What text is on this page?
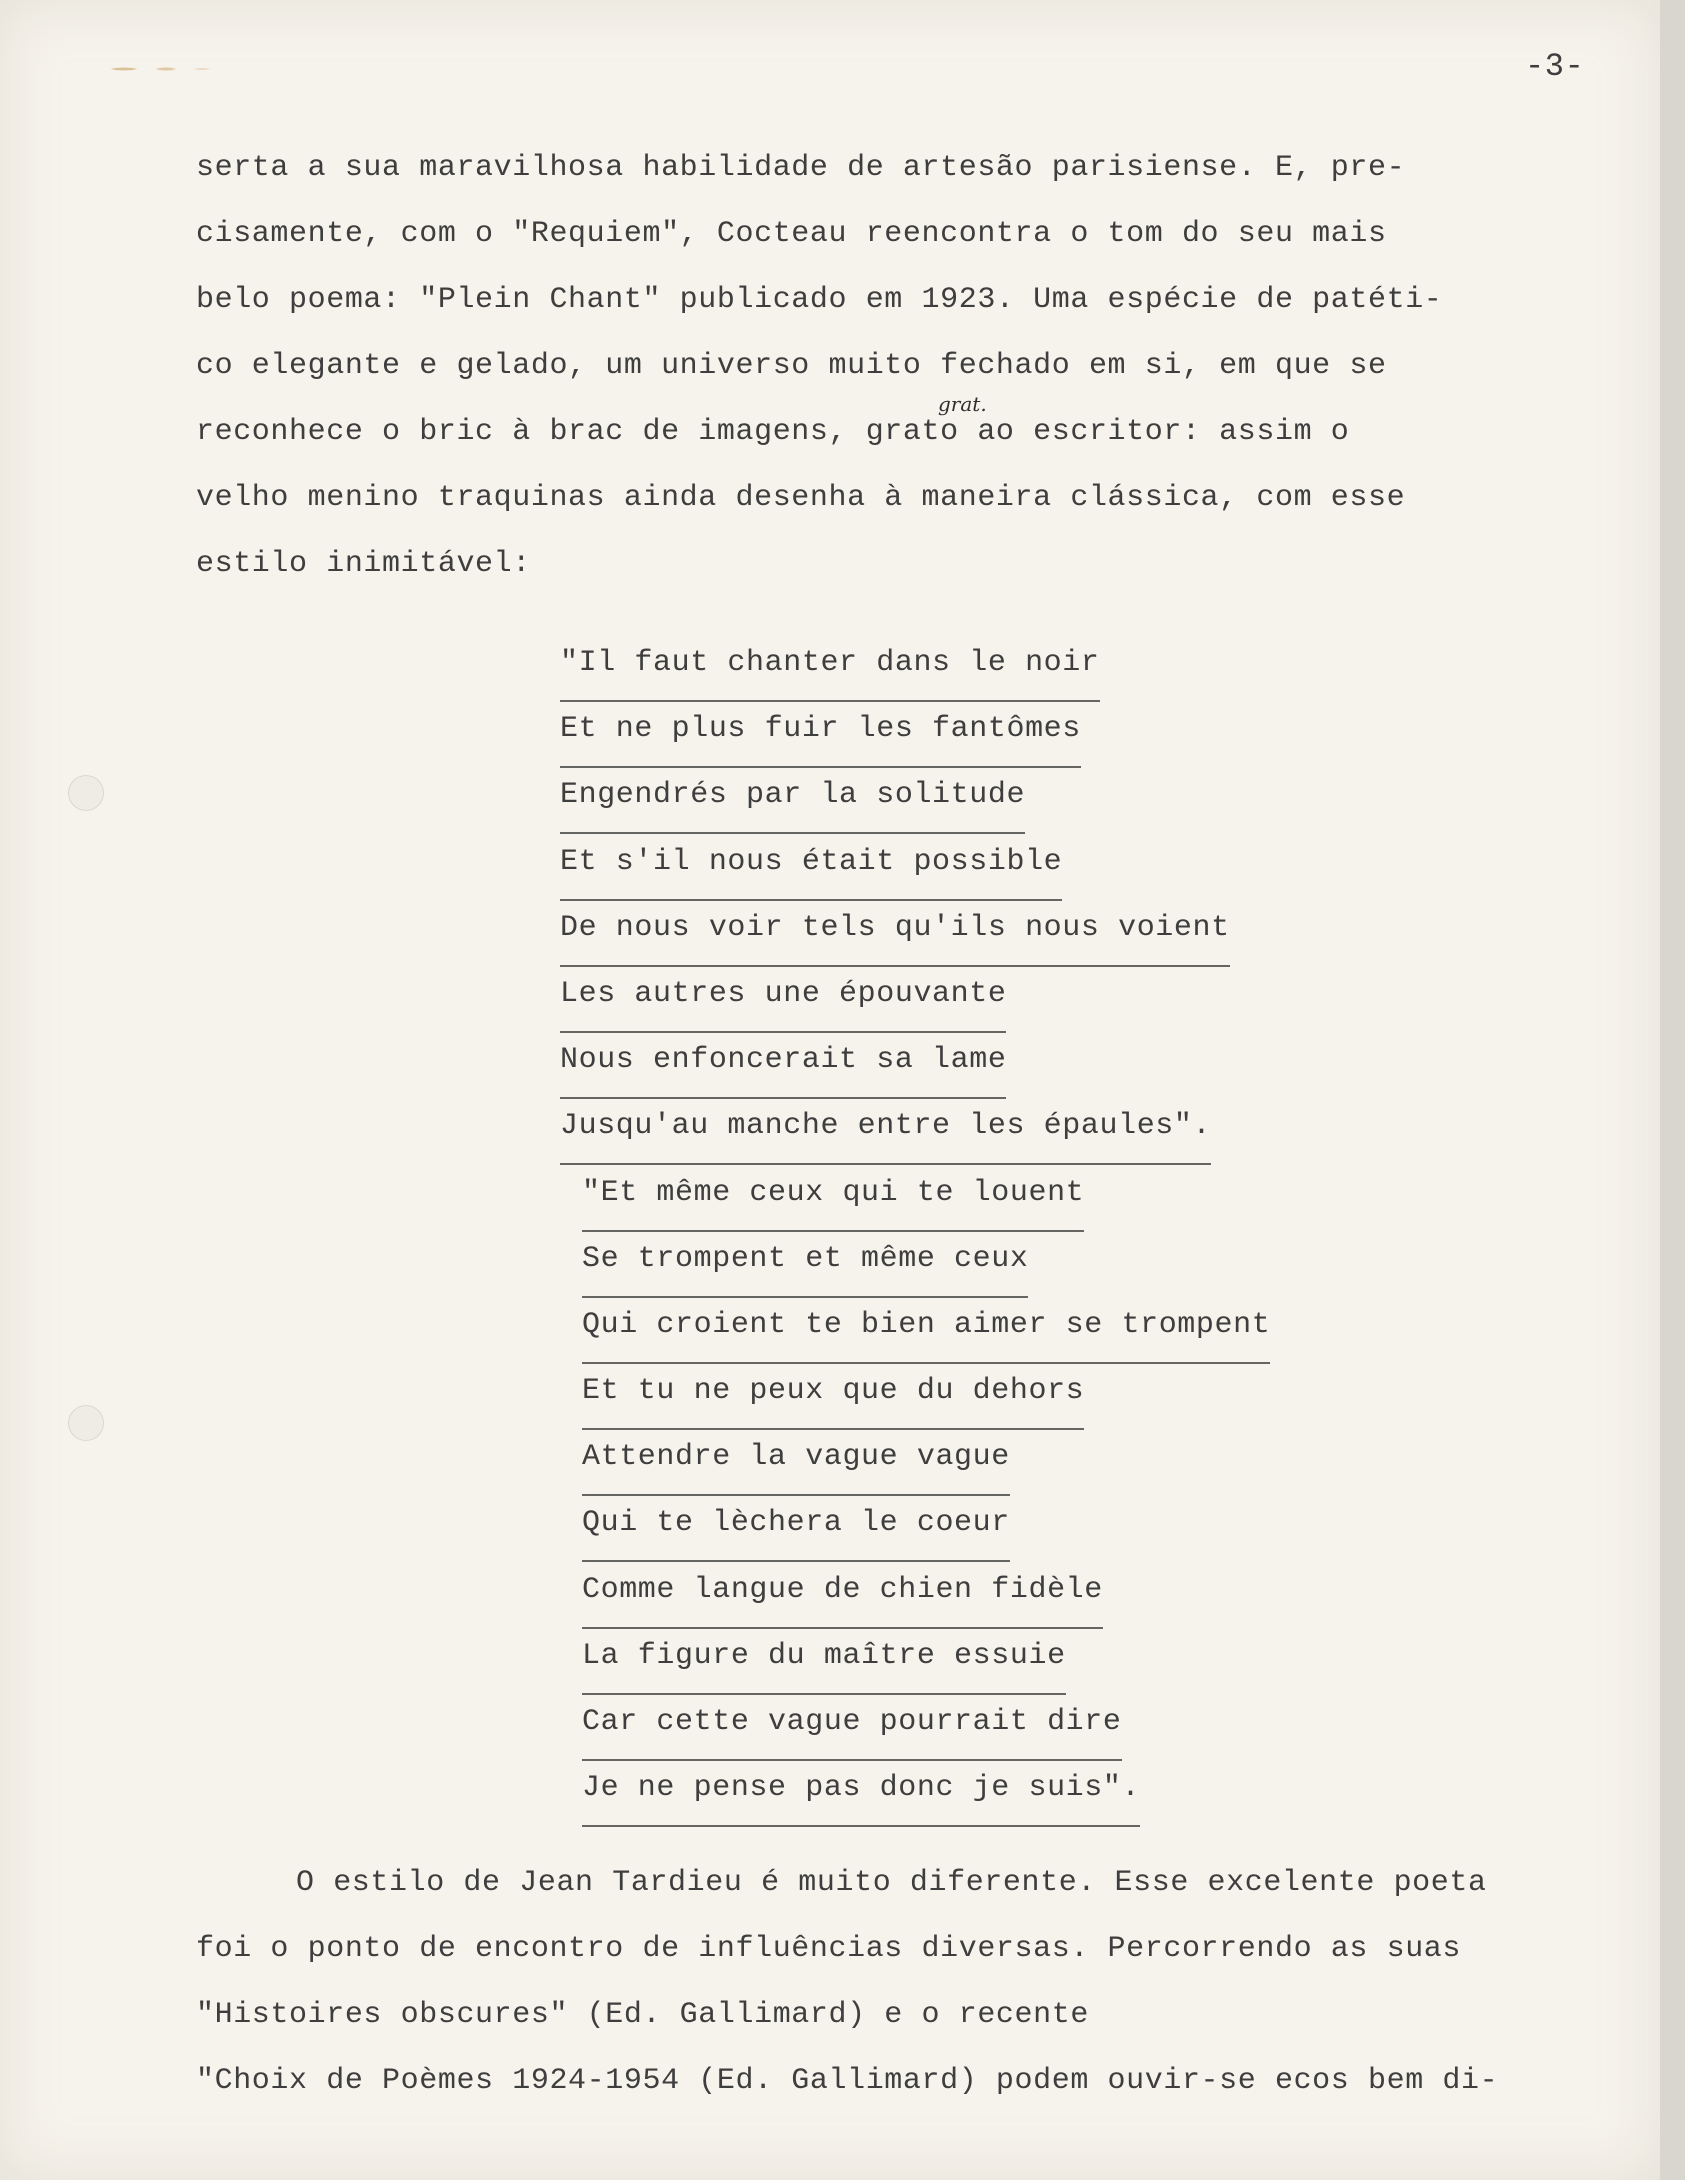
-3-
serta a sua maravilhosa habilidade de artesão parisiense. E, pre-
cisamente, com o "Requiem", Cocteau reencontra o tom do seu mais
belo poema: "Plein Chant" publicado em 1923. Uma espécie de patéti-
co elegante e gelado, um universo muito fechado em si, em que se
reconhece o bric à brac de imagens, grato ao escritor: assim o
velho menino traquinas ainda desenha à maneira clássica, com esse
estilo inimitável:
grat.
"Il faut chanter dans le noir
Et ne plus fuir les fantômes
Engendrés par la solitude
Et s'il nous était possible
De nous voir tels qu'ils nous voient
Les autres une épouvante
Nous enfoncerait sa lame
Jusqu'au manche entre les épaules".
"Et même ceux qui te louent
Se trompent et même ceux
Qui croient te bien aimer se trompent
Et tu ne peux que du dehors
Attendre la vague vague
Qui te lèchera le coeur
Comme langue de chien fidèle
La figure du maître essuie
Car cette vague pourrait dire
Je ne pense pas donc je suis".
O estilo de Jean Tardieu é muito diferente. Esse excelente poeta
foi o ponto de encontro de influências diversas. Percorrendo as suas
"Histoires obscures" (Ed. Gallimard) e o recente
"Choix de Poèmes 1924-1954 (Ed. Gallimard) podem ouvir-se ecos bem di-
